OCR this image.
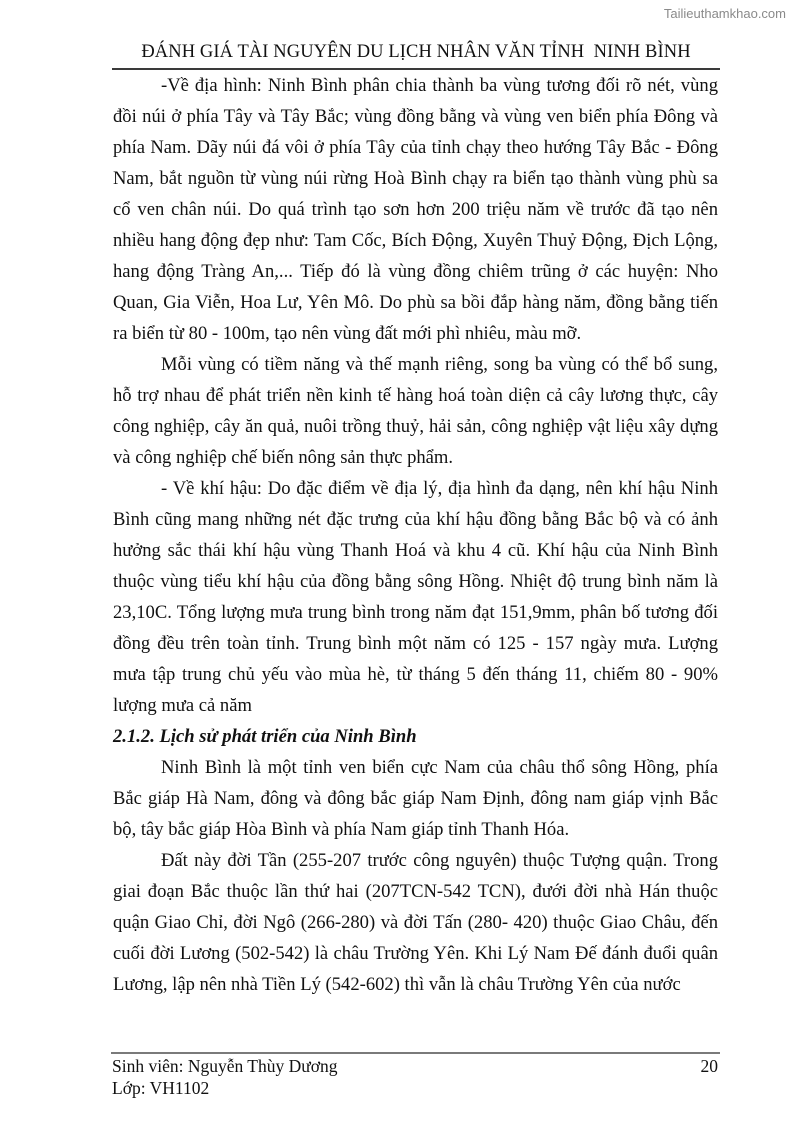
Tailieuthamkhao.com
ĐÁNH GIÁ TÀI NGUYÊN DU LỊCH NHÂN VĂN TỈNH  NINH BÌNH

-Về địa hình: Ninh Bình phân chia thành ba vùng tương đối rõ nét, vùng đồi núi ở phía Tây và Tây Bắc; vùng đồng bằng và vùng ven biển phía Đông và phía Nam. Dãy núi đá vôi ở phía Tây của tỉnh chạy theo hướng Tây Bắc - Đông Nam, bắt nguồn từ vùng núi rừng Hoà Bình chạy ra biển tạo thành vùng phù sa cổ ven chân núi. Do quá trình tạo sơn hơn 200 triệu năm về trước đã tạo nên nhiều hang động đẹp như: Tam Cốc, Bích Động, Xuyên Thuỷ Động, Địch Lộng, hang động Tràng An,... Tiếp đó là vùng đồng chiêm trũng ở các huyện: Nho Quan, Gia Viễn, Hoa Lư, Yên Mô. Do phù sa bồi đắp hàng năm, đồng bằng tiến ra biển từ 80 - 100m, tạo nên vùng đất mới phì nhiêu, màu mỡ.

Mỗi vùng có tiềm năng và thế mạnh riêng, song ba vùng có thể bổ sung, hỗ trợ nhau để phát triển nền kinh tế hàng hoá toàn diện cả cây lương thực, cây công nghiệp, cây ăn quả, nuôi trồng thuỷ, hải sản, công nghiệp vật liệu xây dựng và công nghiệp chế biến nông sản thực phẩm.

- Về khí hậu: Do đặc điểm về địa lý, địa hình đa dạng, nên khí hậu Ninh Bình cũng mang những nét đặc trưng của khí hậu đồng bằng Bắc bộ và có ảnh hưởng sắc thái khí hậu vùng Thanh Hoá và khu 4 cũ. Khí hậu của Ninh Bình thuộc vùng tiểu khí hậu của đồng bằng sông Hồng. Nhiệt độ trung bình năm là 23,10C. Tổng lượng mưa trung bình trong năm đạt 151,9mm, phân bố tương đối đồng đều trên toàn tỉnh. Trung bình một năm có 125 - 157 ngày mưa. Lượng mưa tập trung chủ yếu vào mùa hè, từ tháng 5 đến tháng 11, chiếm 80 - 90% lượng mưa cả năm

2.1.2. Lịch sử phát triển của Ninh Bình

Ninh Bình là một tỉnh ven biển cực Nam của châu thổ sông Hồng, phía Bắc giáp Hà Nam, đông và đông bắc giáp Nam Định, đông nam giáp vịnh Bắc bộ, tây bắc giáp Hòa Bình và phía Nam giáp tỉnh Thanh Hóa.

Đất này đời Tần (255-207 trước công nguyên) thuộc Tượng quận. Trong giai đoạn Bắc thuộc lần thứ hai (207TCN-542 TCN), đưới đời nhà Hán thuộc quận Giao Chỉ, đời Ngô (266-280) và đời Tấn (280- 420) thuộc Giao Châu, đến cuối đời Lương (502-542) là châu Trường Yên. Khi Lý Nam Đế đánh đuổi quân Lương, lập nên nhà Tiền Lý (542-602) thì vẫn là châu Trường Yên của nước

Sinh viên: Nguyễn Thùy Dương	20
Lớp: VH1102
